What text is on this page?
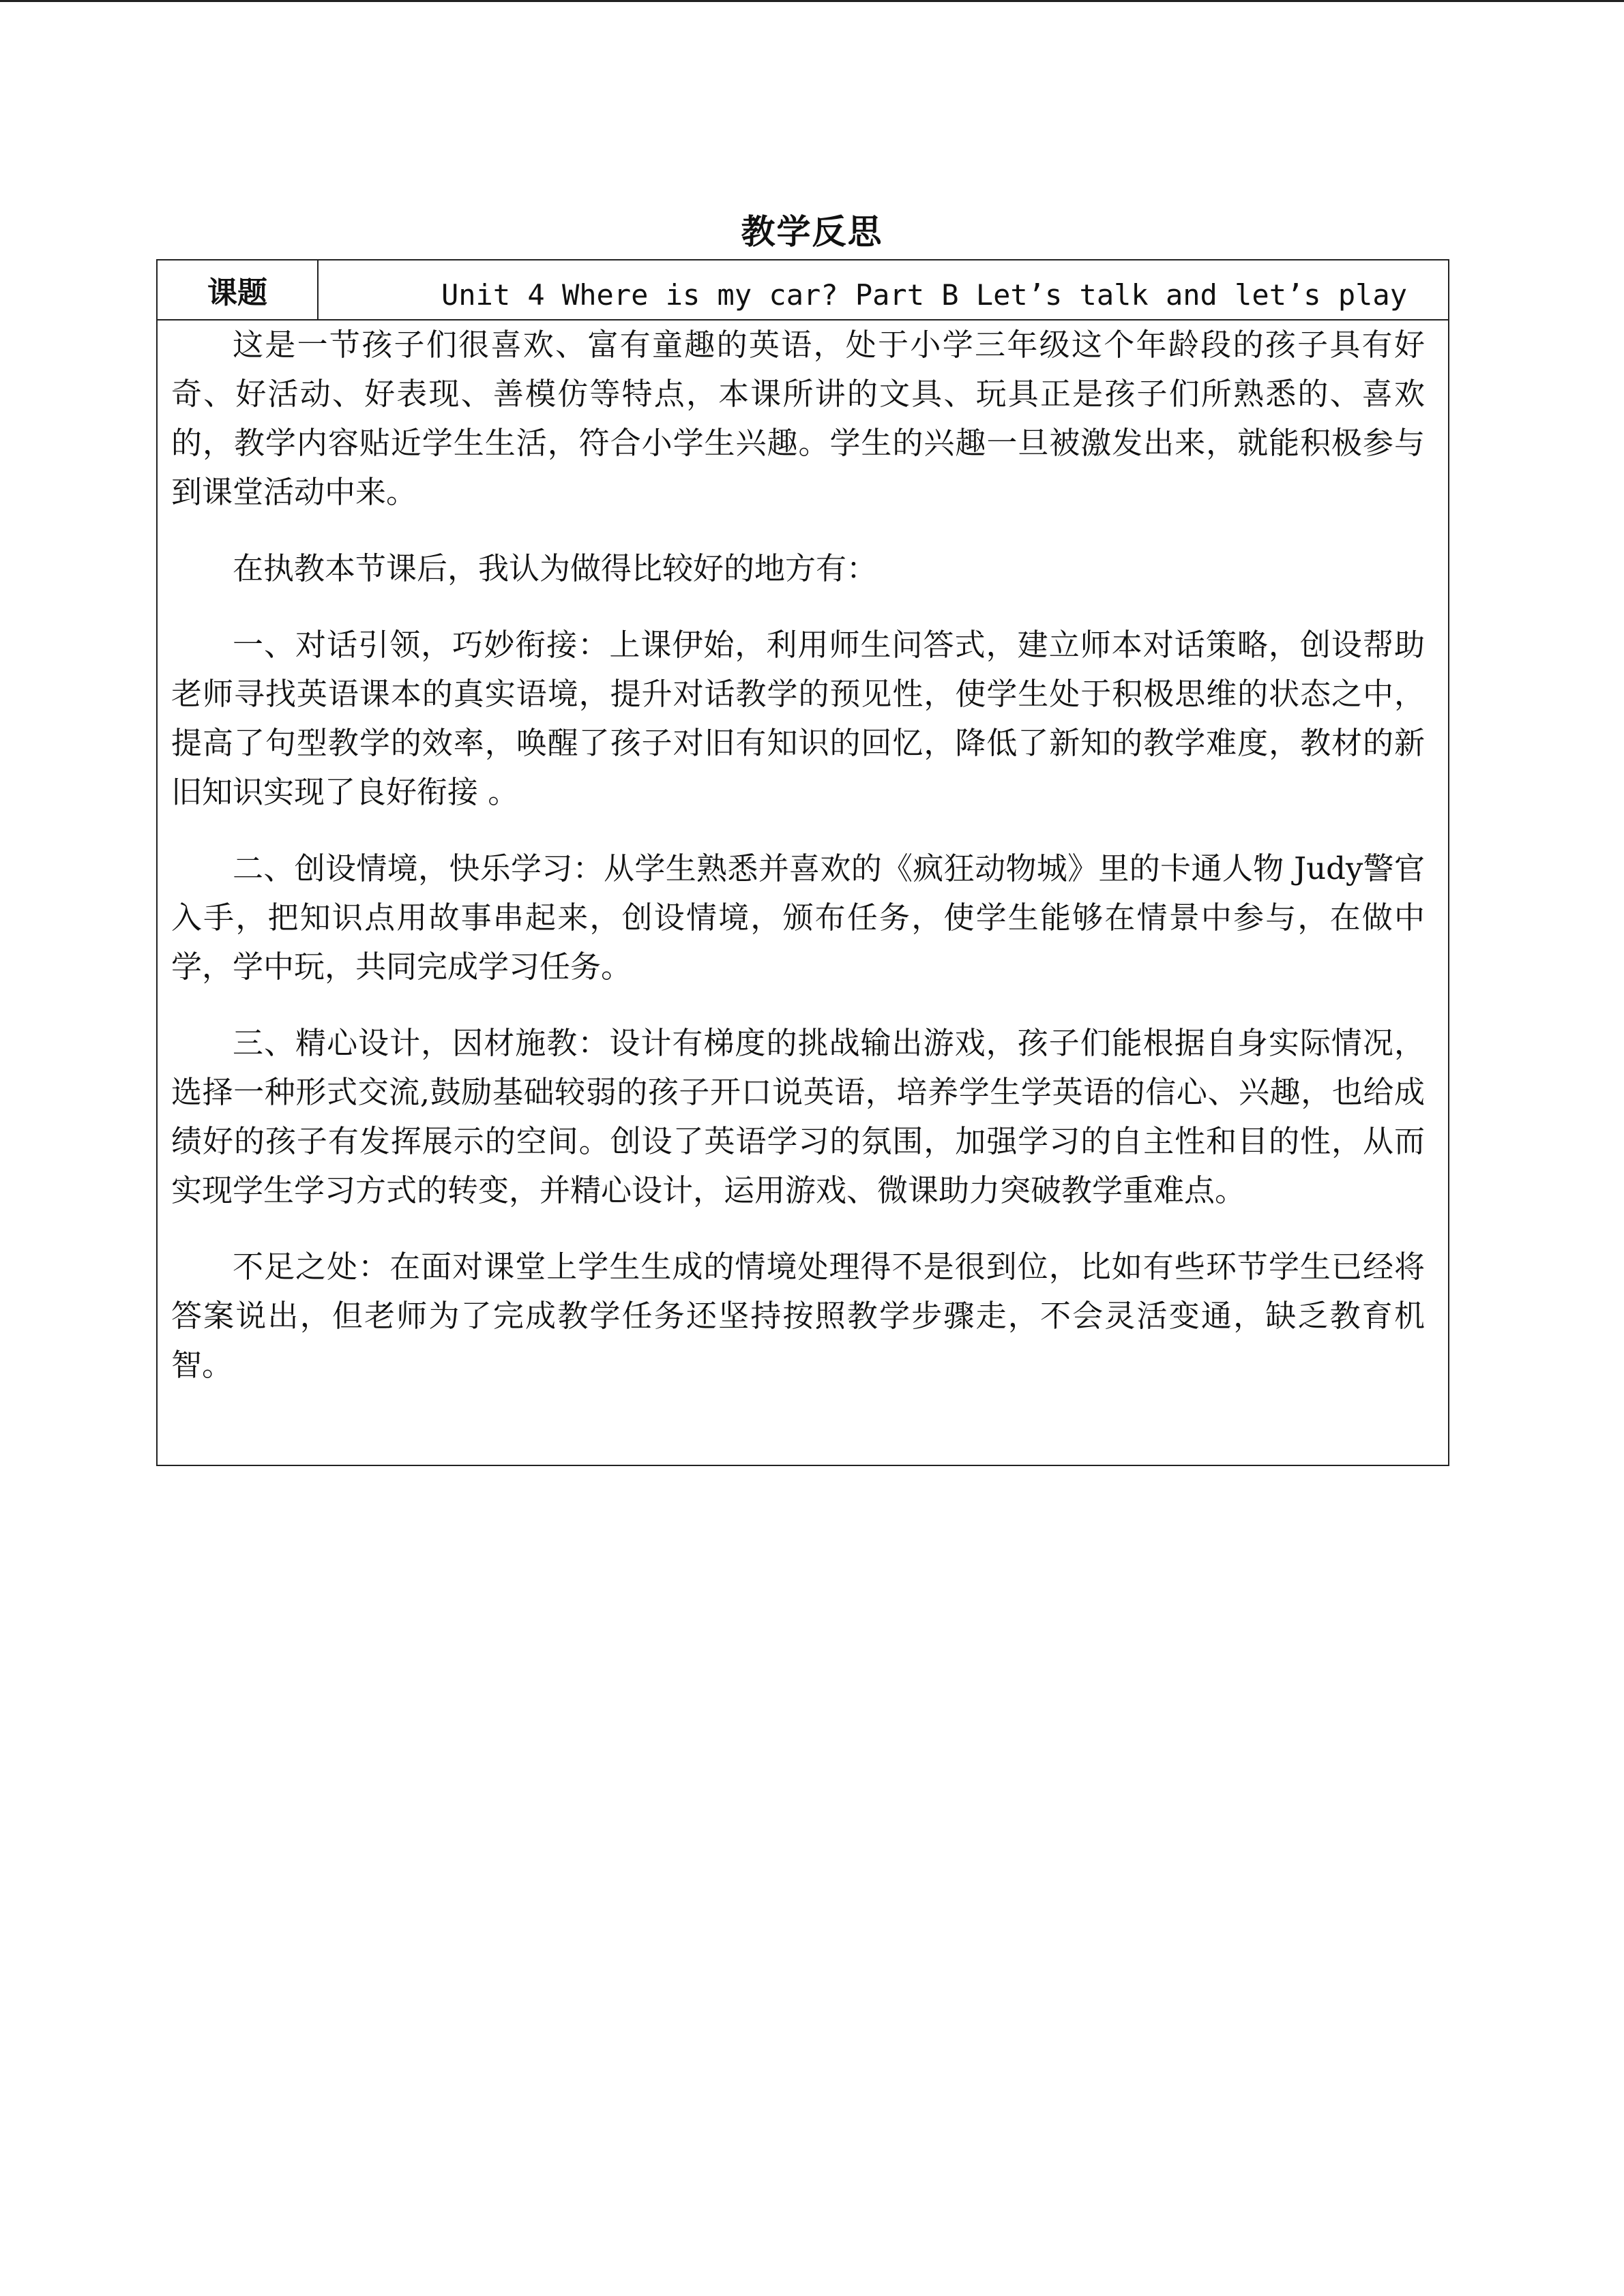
教学反思
课题	Unit 4 Where is my car? Part B Let’s talk and let’s play

这是一节孩子们很喜欢、富有童趣的英语，处于小学三年级这个年龄段的孩子具有好奇、好活动、好表现、善模仿等特点，本课所讲的文具、玩具正是孩子们所熟悉的、喜欢的，教学内容贴近学生生活，符合小学生兴趣。学生的兴趣一旦被激发出来，就能积极参与到课堂活动中来。

在执教本节课后，我认为做得比较好的地方有：

一、对话引领，巧妙衔接：上课伊始，利用师生问答式，建立师本对话策略，创设帮助老师寻找英语课本的真实语境，提升对话教学的预见性，使学生处于积极思维的状态之中，提高了句型教学的效率，唤醒了孩子对旧有知识的回忆，降低了新知的教学难度，教材的新旧知识实现了良好衔接 。

二、创设情境，快乐学习：从学生熟悉并喜欢的《疯狂动物城》里的卡通人物 Judy警官入手，把知识点用故事串起来，创设情境，颁布任务，使学生能够在情景中参与，在做中学，学中玩，共同完成学习任务。

三、精心设计，因材施教：设计有梯度的挑战输出游戏，孩子们能根据自身实际情况，选择一种形式交流,鼓励基础较弱的孩子开口说英语，培养学生学英语的信心、兴趣，也给成绩好的孩子有发挥展示的空间。创设了英语学习的氛围，加强学习的自主性和目的性，从而实现学生学习方式的转变，并精心设计，运用游戏、微课助力突破教学重难点。

不足之处：在面对课堂上学生生成的情境处理得不是很到位，比如有些环节学生已经将答案说出，但老师为了完成教学任务还坚持按照教学步骤走，不会灵活变通，缺乏教育机智。
